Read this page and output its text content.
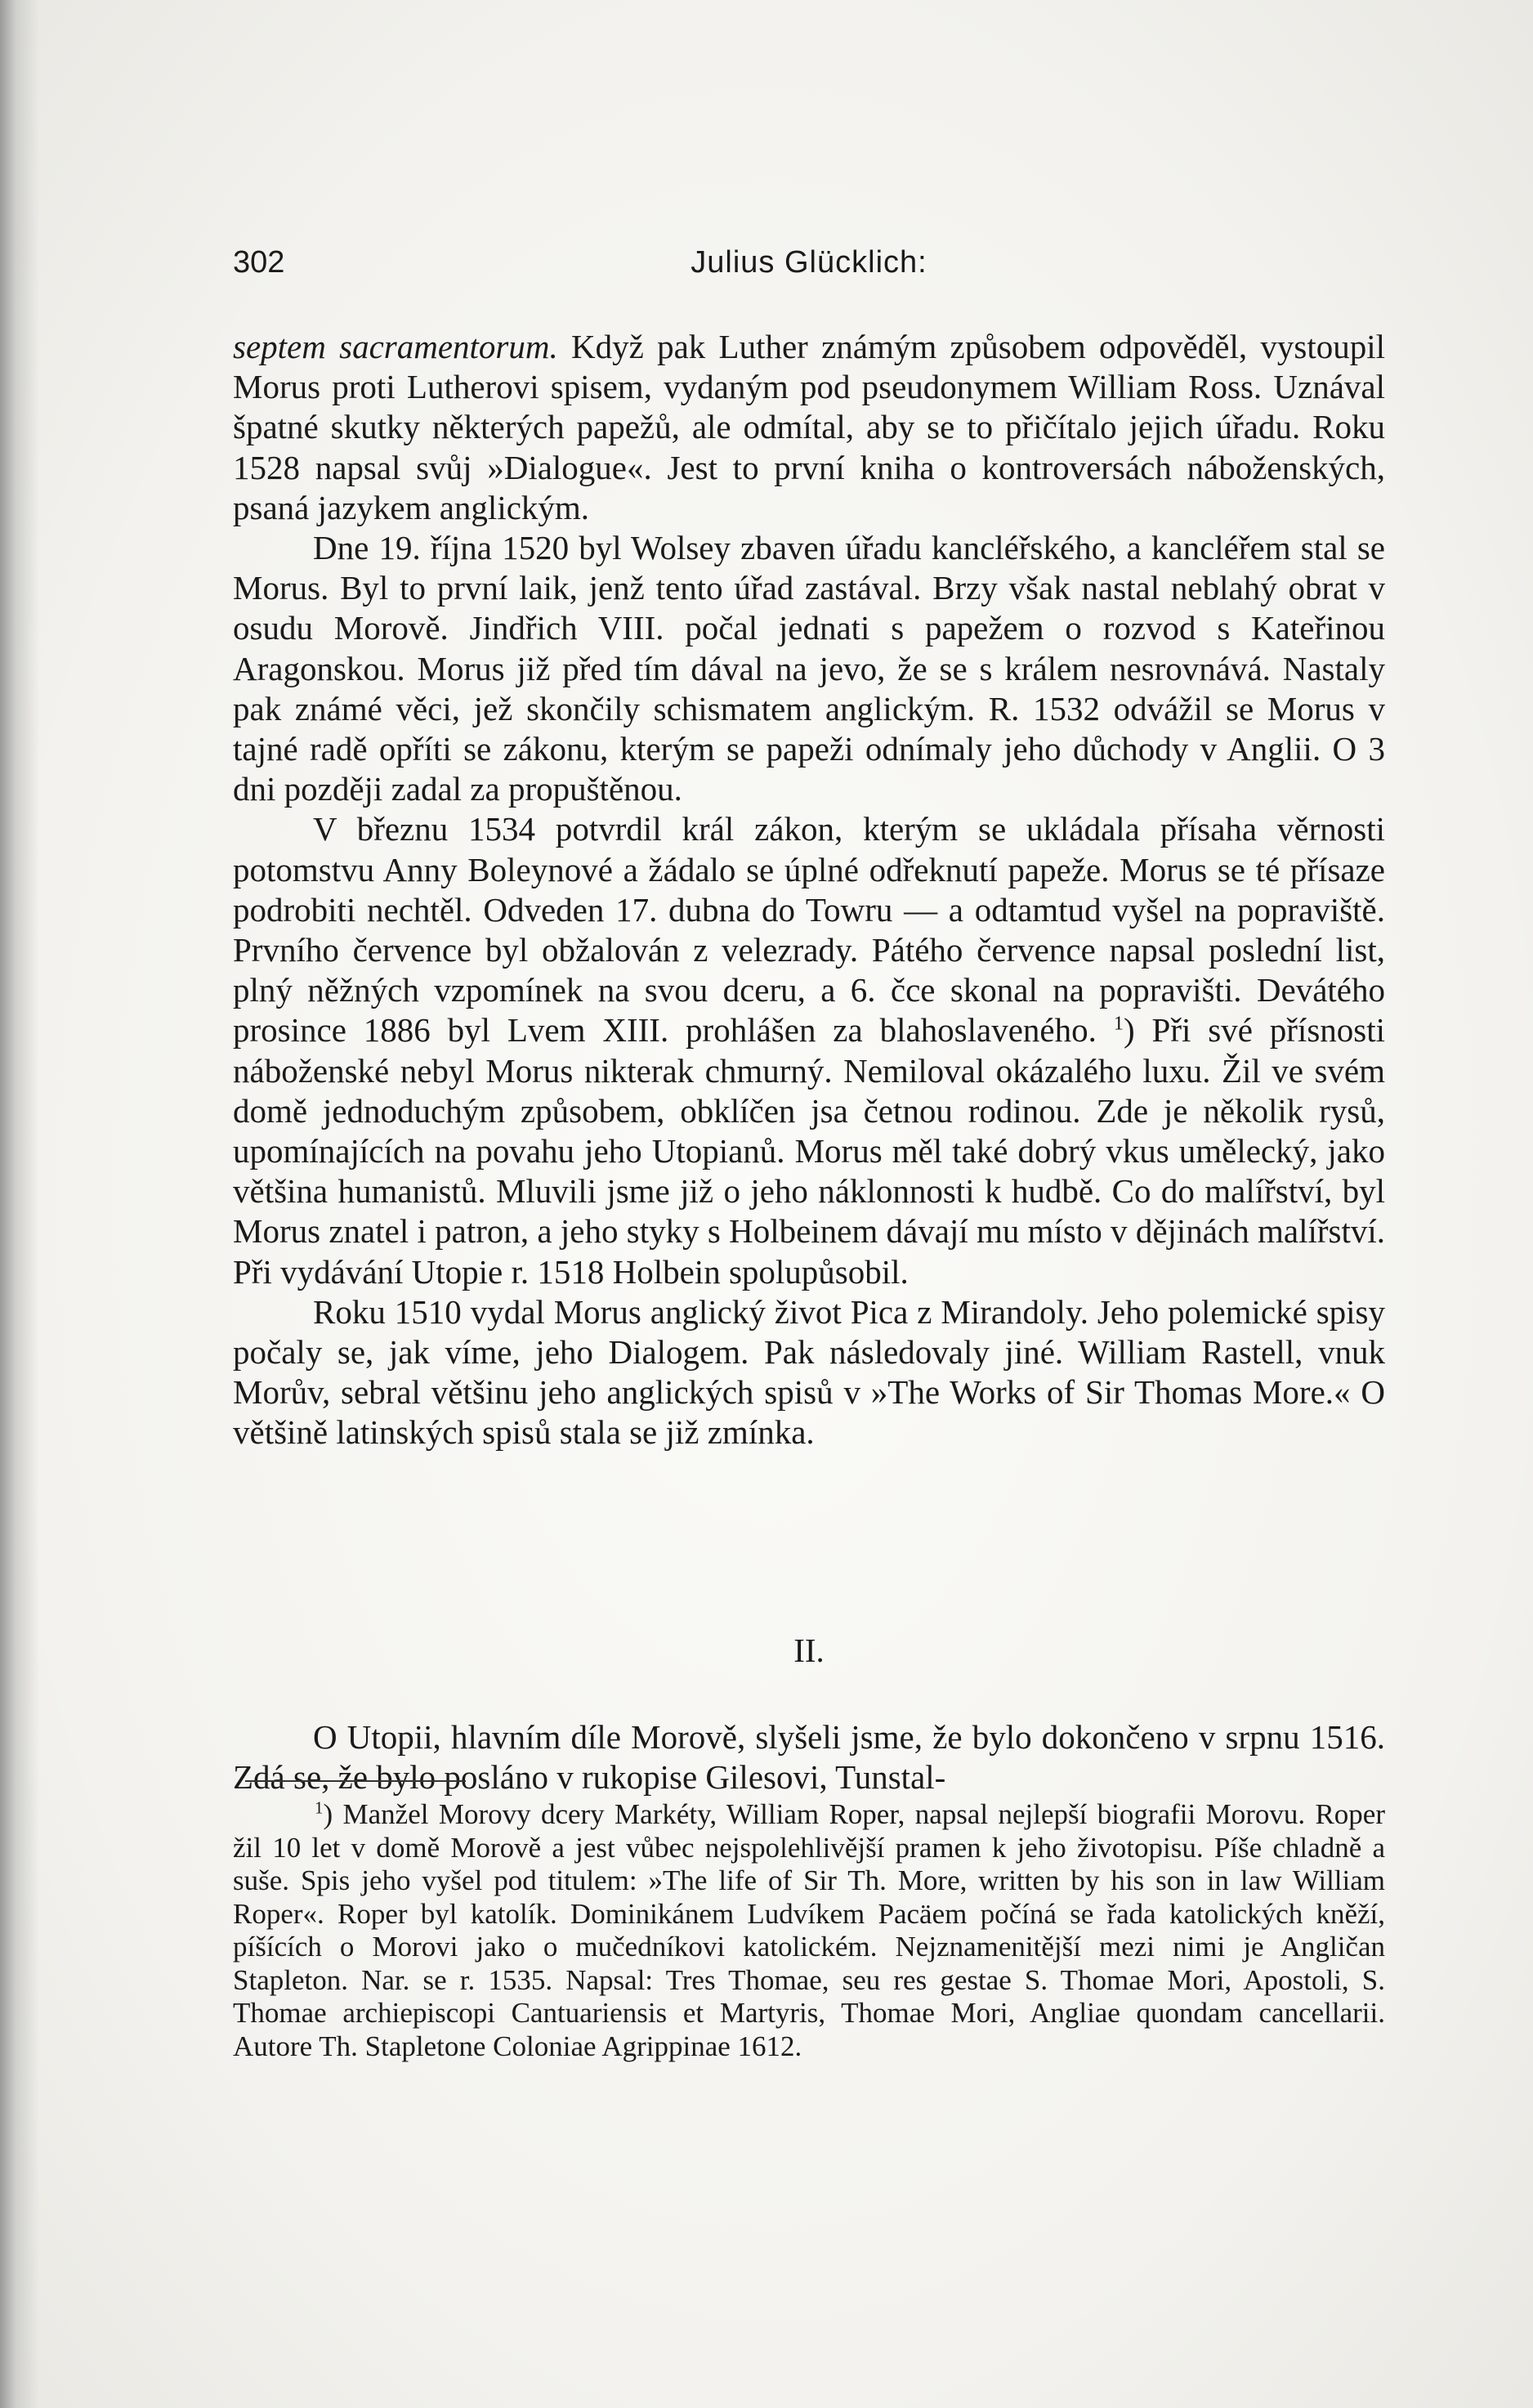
302	Julius Glücklich:

septem sacramentorum. Když pak Luther známým způsobem odpověděl, vystoupil Morus proti Lutherovi spisem, vydaným pod pseudonymem William Ross. Uznával špatné skutky některých papežů, ale odmítal, aby se to přičítalo jejich úřadu. Roku 1528 napsal svůj »Dialogue«. Jest to první kniha o kontroversách náboženských, psaná jazykem anglickým.

Dne 19. října 1520 byl Wolsey zbaven úřadu kancléřského, a kancléřem stal se Morus. Byl to první laik, jenž tento úřad zastával. Brzy však nastal neblahý obrat v osudu Morově. Jindřich VIII. počal jednati s papežem o rozvod s Kateřinou Aragonskou. Morus již před tím dával na jevo, že se s králem nesrovnává. Nastaly pak známé věci, jež skončily schismatem anglickým. R. 1532 odvážil se Morus v tajné radě opříti se zákonu, kterým se papeži odnímaly jeho důchody v Anglii. O 3 dni později zadal za propuštěnou.

V březnu 1534 potvrdil král zákon, kterým se ukládala přísaha věrnosti potomstvu Anny Boleynové a žádalo se úplné odřeknutí papeže. Morus se té přísaze podrobiti nechtěl. Odveden 17. dubna do Towru — a odtamtud vyšel na popraviště. Prvního července byl obžalován z velezrady. Pátého července napsal poslední list, plný něžných vzpomínek na svou dceru, a 6. čce skonal na popravišti. Devátého prosince 1886 byl Lvem XIII. prohlášen za blahoslaveného. $^1$) Při své přísnosti náboženské nebyl Morus nikterak chmurný. Nemiloval okázalého luxu. Žil ve svém domě jednoduchým způsobem, obklíčen jsa četnou rodinou. Zde je několik rysů, upomínajících na povahu jeho Utopianů. Morus měl také dobrý vkus umělecký, jako většina humanistů. Mluvili jsme již o jeho náklonnosti k hudbě. Co do malířství, byl Morus znatel i patron, a jeho styky s Holbeinem dávají mu místo v dějinách malířství. Při vydávání Utopie r. 1518 Holbein spolupůsobil.

Roku 1510 vydal Morus anglický život Pica z Mirandoly. Jeho polemické spisy počaly se, jak víme, jeho Dialogem. Pak následovaly jiné. William Rastell, vnuk Morův, sebral většinu jeho anglických spisů v »The Works of Sir Thomas More.« O většině latinských spisů stala se již zmínka.

II.

O Utopii, hlavním díle Morově, slyšeli jsme, že bylo dokončeno v srpnu 1516. Zdá se, že bylo posláno v rukopise Gilesovi, Tunstal-

$^1$) Manžel Morovy dcery Markéty, William Roper, napsal nejlepší biografii Morovu. Roper žil 10 let v domě Morově a jest vůbec nejspolehlivější pramen k jeho životopisu. Píše chladně a suše. Spis jeho vyšel pod titulem: »The life of Sir Th. More, written by his son in law William Roper«. Roper byl katolík. Dominikánem Ludvíkem Pacäem počíná se řada katolických kněží, píšících o Morovi jako o mučedníkovi katolickém. Nejznamenitější mezi nimi je Angličan Stapleton. Nar. se r. 1535. Napsal: Tres Thomae, seu res gestae S. Thomae Mori, Apostoli, S. Thomae archiepiscopi Cantuariensis et Martyris, Thomae Mori, Angliae quondam cancellarii. Autore Th. Stapletone Coloniae Agrippinae 1612.
